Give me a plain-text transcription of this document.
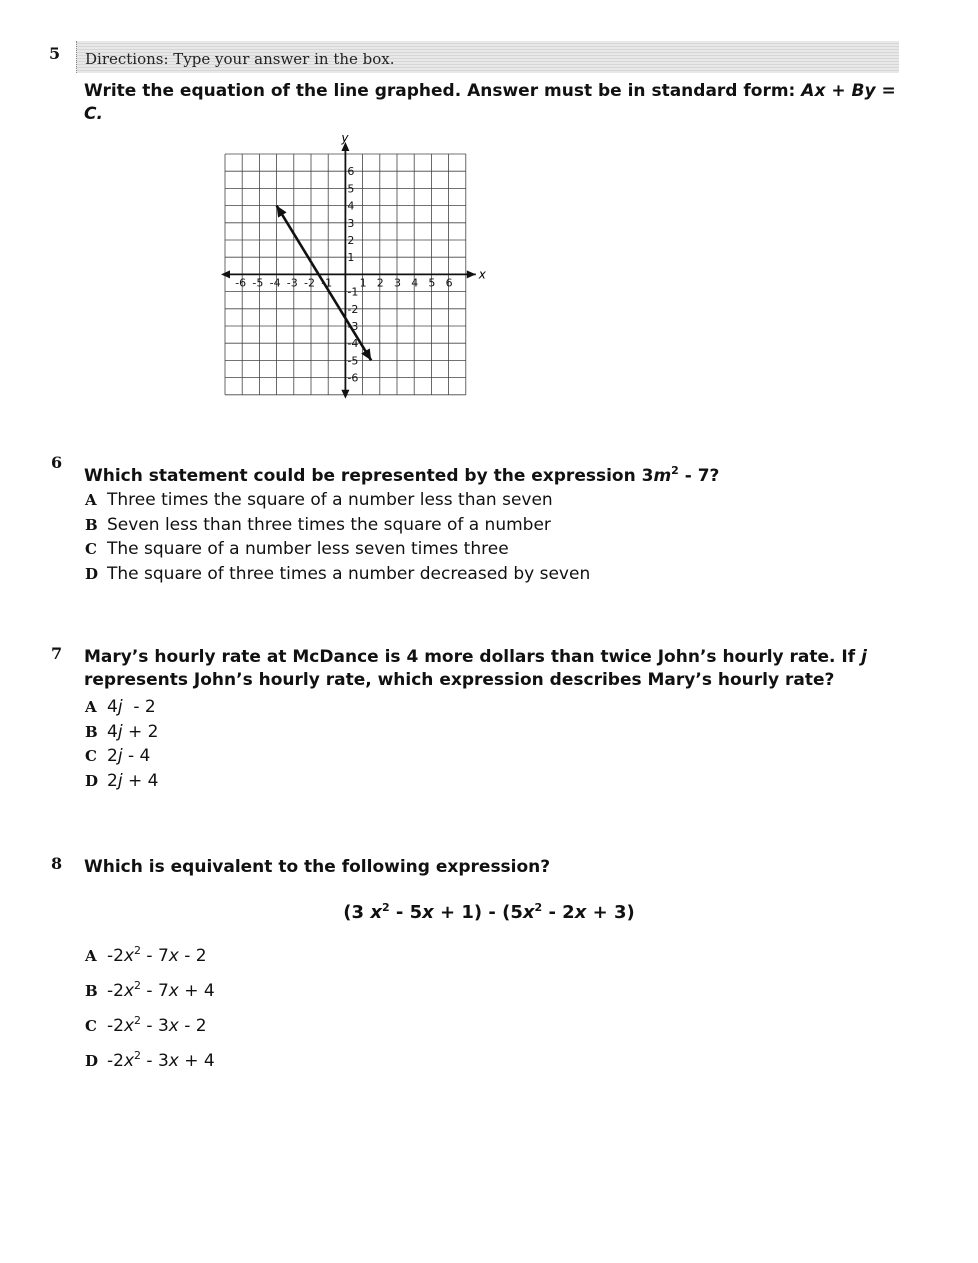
5 Directions: Type your answer in the box.
Write the equation of the line graphed. Answer must be in standard form: Ax + By =
C.
-6 -5 -4 -3 -2 -1 1 2 3 4 5 6
6
5
4
3
2
1
-1
-2
-3
-4
-5
-6
x
y
6
Which statement could be represented by the expression $3m^2 - 7$?
A Three times the square of a number less than seven
B Seven less than three times the square of a number
C The square of a number less seven times three
D The square of three times a number decreased by seven
7 Mary’s hourly rate at McDance is 4 more dollars than twice John’s hourly rate. If j
represents John’s hourly rate, which expression describes Mary’s hourly rate?
A 4j  - 2
B 4j + 2
C 2j - 4
D 2j + 4
8 Which is equivalent to the following expression?
(3 $x^2 - 5x + 1) - (5x^2 - 2x + 3)$
A $-2x^2 - 7x - 2$
B $-2x^2 - 7x + 4$
C $-2x^2 - 3x - 2$
D $-2x^2 - 3x + 4$
